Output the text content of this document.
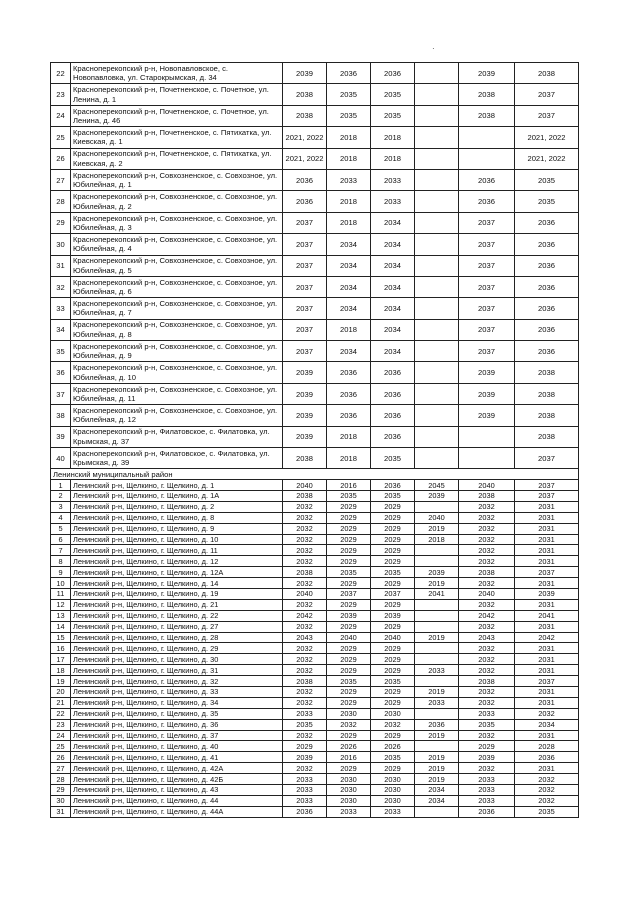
·
22	Красноперекопский р-н, Новопавловское, с. Новопавловка, ул. Старокрымская, д. 34	2039	2036	2036		2039	2038
23	Красноперекопский р-н, Почетненское, с. Почетное, ул. Ленина, д. 1	2038	2035	2035		2038	2037
24	Красноперекопский р-н, Почетненское, с. Почетное, ул. Ленина, д. 46	2038	2035	2035		2038	2037
25	Красноперекопский р-н, Почетненское, с. Пятихатка, ул. Киевская, д. 1	2021, 2022	2018	2018			2021, 2022
26	Красноперекопский р-н, Почетненское, с. Пятихатка, ул. Киевская, д. 2	2021, 2022	2018	2018			2021, 2022
27	Красноперекопский р-н, Совхозненское, с. Совхозное, ул. Юбилейная, д. 1	2036	2033	2033		2036	2035
28	Красноперекопский р-н, Совхозненское, с. Совхозное, ул. Юбилейная, д. 2	2036	2018	2033		2036	2035
29	Красноперекопский р-н, Совхозненское, с. Совхозное, ул. Юбилейная, д. 3	2037	2018	2034		2037	2036
30	Красноперекопский р-н, Совхозненское, с. Совхозное, ул. Юбилейная, д. 4	2037	2034	2034		2037	2036
31	Красноперекопский р-н, Совхозненское, с. Совхозное, ул. Юбилейная, д. 5	2037	2034	2034		2037	2036
32	Красноперекопский р-н, Совхозненское, с. Совхозное, ул. Юбилейная, д. 6	2037	2034	2034		2037	2036
33	Красноперекопский р-н, Совхозненское, с. Совхозное, ул. Юбилейная, д. 7	2037	2034	2034		2037	2036
34	Красноперекопский р-н, Совхозненское, с. Совхозное, ул. Юбилейная, д. 8	2037	2018	2034		2037	2036
35	Красноперекопский р-н, Совхозненское, с. Совхозное, ул. Юбилейная, д. 9	2037	2034	2034		2037	2036
36	Красноперекопский р-н, Совхозненское, с. Совхозное, ул. Юбилейная, д. 10	2039	2036	2036		2039	2038
37	Красноперекопский р-н, Совхозненское, с. Совхозное, ул. Юбилейная, д. 11	2039	2036	2036		2039	2038
38	Красноперекопский р-н, Совхозненское, с. Совхозное, ул. Юбилейная, д. 12	2039	2036	2036		2039	2038
39	Красноперекопский р-н, Филатовское, с. Филатовка, ул. Крымская, д. 37	2039	2018	2036			2038
40	Красноперекопский р-н, Филатовское, с. Филатовка, ул. Крымская, д. 39	2038	2018	2035			2037
Ленинский муниципальный район							
1	Ленинский р-н, Щелкино, г. Щелкино, д. 1	2040	2016	2036	2045	2040	2037
2	Ленинский р-н, Щелкино, г. Щелкино, д. 1А	2038	2035	2035	2039	2038	2037
3	Ленинский р-н, Щелкино, г. Щелкино, д. 2	2032	2029	2029		2032	2031
4	Ленинский р-н, Щелкино, г. Щелкино, д. 8	2032	2029	2029	2040	2032	2031
5	Ленинский р-н, Щелкино, г. Щелкино, д. 9	2032	2029	2029	2019	2032	2031
6	Ленинский р-н, Щелкино, г. Щелкино, д. 10	2032	2029	2029	2018	2032	2031
7	Ленинский р-н, Щелкино, г. Щелкино, д. 11	2032	2029	2029		2032	2031
8	Ленинский р-н, Щелкино, г. Щелкино, д. 12	2032	2029	2029		2032	2031
9	Ленинский р-н, Щелкино, г. Щелкино, д. 12А	2038	2035	2035	2039	2038	2037
10	Ленинский р-н, Щелкино, г. Щелкино, д. 14	2032	2029	2029	2019	2032	2031
11	Ленинский р-н, Щелкино, г. Щелкино, д. 19	2040	2037	2037	2041	2040	2039
12	Ленинский р-н, Щелкино, г. Щелкино, д. 21	2032	2029	2029		2032	2031
13	Ленинский р-н, Щелкино, г. Щелкино, д. 22	2042	2039	2039		2042	2041
14	Ленинский р-н, Щелкино, г. Щелкино, д. 27	2032	2029	2029		2032	2031
15	Ленинский р-н, Щелкино, г. Щелкино, д. 28	2043	2040	2040	2019	2043	2042
16	Ленинский р-н, Щелкино, г. Щелкино, д. 29	2032	2029	2029		2032	2031
17	Ленинский р-н, Щелкино, г. Щелкино, д. 30	2032	2029	2029		2032	2031
18	Ленинский р-н, Щелкино, г. Щелкино, д. 31	2032	2029	2029	2033	2032	2031
19	Ленинский р-н, Щелкино, г. Щелкино, д. 32	2038	2035	2035		2038	2037
20	Ленинский р-н, Щелкино, г. Щелкино, д. 33	2032	2029	2029	2019	2032	2031
21	Ленинский р-н, Щелкино, г. Щелкино, д. 34	2032	2029	2029	2033	2032	2031
22	Ленинский р-н, Щелкино, г. Щелкино, д. 35	2033	2030	2030		2033	2032
23	Ленинский р-н, Щелкино, г. Щелкино, д. 36	2035	2032	2032	2036	2035	2034
24	Ленинский р-н, Щелкино, г. Щелкино, д. 37	2032	2029	2029	2019	2032	2031
25	Ленинский р-н, Щелкино, г. Щелкино, д. 40	2029	2026	2026		2029	2028
26	Ленинский р-н, Щелкино, г. Щелкино, д. 41	2039	2016	2035	2019	2039	2036
27	Ленинский р-н, Щелкино, г. Щелкино, д. 42А	2032	2029	2029	2019	2032	2031
28	Ленинский р-н, Щелкино, г. Щелкино, д. 42Б	2033	2030	2030	2019	2033	2032
29	Ленинский р-н, Щелкино, г. Щелкино, д. 43	2033	2030	2030	2034	2033	2032
30	Ленинский р-н, Щелкино, г. Щелкино, д. 44	2033	2030	2030	2034	2033	2032
31	Ленинский р-н, Щелкино, г. Щелкино, д. 44А	2036	2033	2033		2036	2035
